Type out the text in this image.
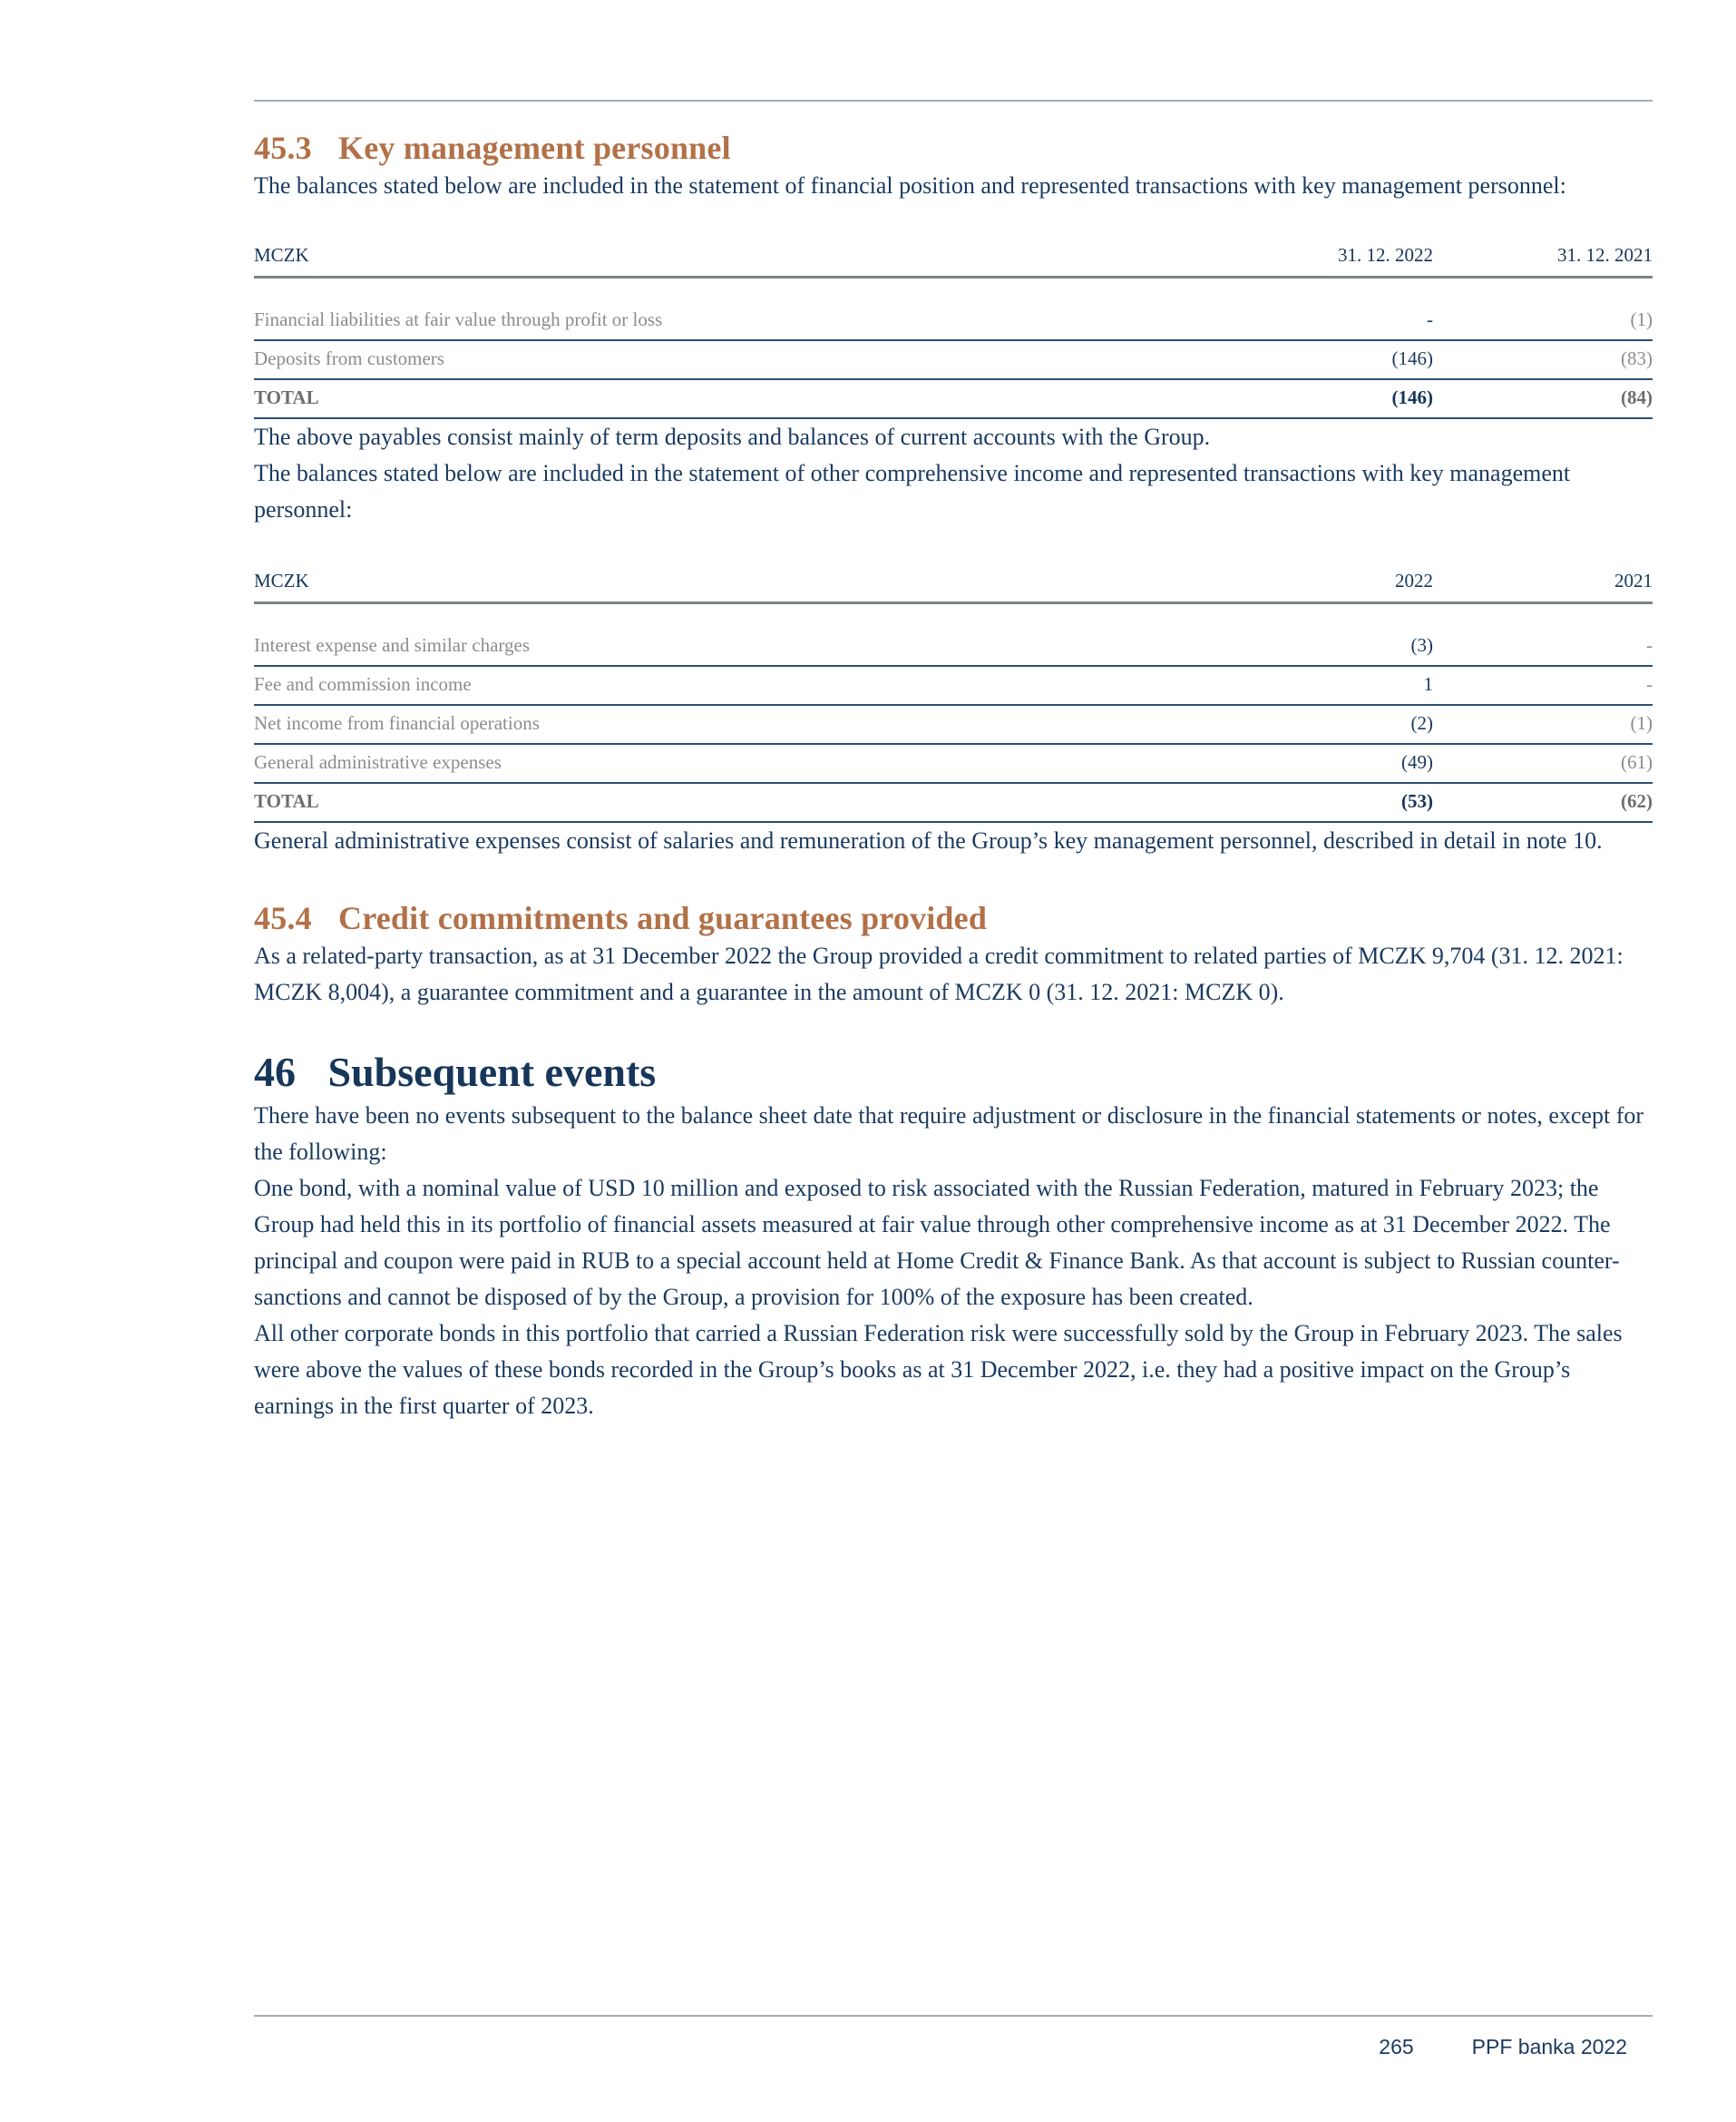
45.3 Key management personnel

The balances stated below are included in the statement of financial position and represented transactions with key management personnel:

MCZK	31. 12. 2022	31. 12. 2021
Financial liabilities at fair value through profit or loss	-	(1)
Deposits from customers	(146)	(83)
TOTAL	(146)	(84)

The above payables consist mainly of term deposits and balances of current accounts with the Group.

The balances stated below are included in the statement of other comprehensive income and represented transactions with key management personnel:

MCZK	2022	2021
Interest expense and similar charges	(3)	-
Fee and commission income	1	-
Net income from financial operations	(2)	(1)
General administrative expenses	(49)	(61)
TOTAL	(53)	(62)

General administrative expenses consist of salaries and remuneration of the Group’s key management personnel, described in detail in note 10.

45.4 Credit commitments and guarantees provided

As a related-party transaction, as at 31 December 2022 the Group provided a credit commitment to related parties of MCZK 9,704 (31. 12. 2021: MCZK 8,004), a guarantee commitment and a guarantee in the amount of MCZK 0 (31. 12. 2021: MCZK 0).

46 Subsequent events

There have been no events subsequent to the balance sheet date that require adjustment or disclosure in the financial statements or notes, except for the following:

One bond, with a nominal value of USD 10 million and exposed to risk associated with the Russian Federation, matured in February 2023; the Group had held this in its portfolio of financial assets measured at fair value through other comprehensive income as at 31 December 2022. The principal and coupon were paid in RUB to a special account held at Home Credit & Finance Bank. As that account is subject to Russian counter-sanctions and cannot be disposed of by the Group, a provision for 100% of the exposure has been created.

All other corporate bonds in this portfolio that carried a Russian Federation risk were successfully sold by the Group in February 2023. The sales were above the values of these bonds recorded in the Group’s books as at 31 December 2022, i.e. they had a positive impact on the Group’s earnings in the first quarter of 2023.

265	PPF banka 2022
